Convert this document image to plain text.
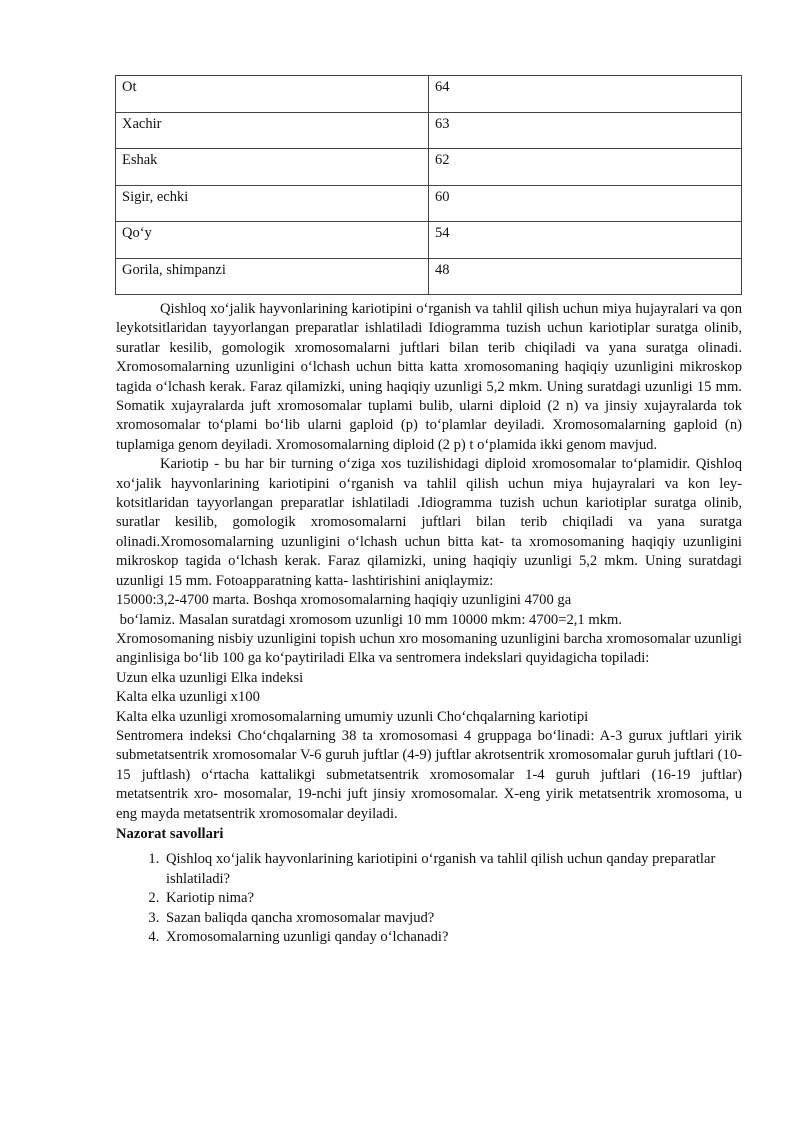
Ot	64
Xachir	63
Eshak	62
Sigir, echki	60
Qo‘y	54
Gorila, shimpanzi	48

Qishloq xo‘jalik hayvonlarining kariotipini o‘rganish va tahlil qilish uchun miya hujayralari va qon leykotsitlaridan tayyorlangan preparatlar ishlatiladi Idiogramma tuzish uchun kariotiplar suratga olinib, suratlar kesilib, gomologik xromosomalarni juftlari bilan terib chiqiladi va yana suratga olinadi. Xromosomalarning uzunligini o‘lchash uchun bitta katta xromosomaning haqiqiy uzunligini mikroskop tagida o‘lchash kerak. Faraz qilamizki, uning haqiqiy uzunligi 5,2 mkm. Uning suratdagi uzunligi 15 mm. Somatik xujayralarda juft xromosomalar tuplami bulib, ularni diploid (2 n) va jinsiy xujayralarda tok xromosomalar to‘plami bo‘lib ularni gaploid (p) to‘plamlar deyiladi. Xromosomalarning gaploid (n) tuplamiga genom deyiladi. Xromosomalarning diploid (2 p) t o‘plamida ikki genom mavjud.

Kariotip - bu har bir turning o‘ziga xos tuzilishidagi diploid xromosomalar to‘plamidir. Qishloq xo‘jalik hayvonlarining kariotipini o‘rganish va tahlil qilish uchun miya hujayralari va kon ley- kotsitlaridan tayyorlangan preparatlar ishlatiladi .Idiogramma tuzish uchun kariotiplar suratga olinib, suratlar kesilib, gomologik xromosomalarni juftlari bilan terib chiqiladi va yana suratga olinadi.Xromosomalarning uzunligini o‘lchash uchun bitta kat- ta xromosomaning haqiqiy uzunligini mikroskop tagida o‘lchash kerak. Faraz qilamizki, uning haqiqiy uzunligi 5,2 mkm. Uning suratdagi uzunligi 15 mm. Fotoapparatning katta- lashtirishini aniqlaymiz:

15000:3,2-4700 marta. Boshqa xromosomalarning haqiqiy uzunligini 4700 ga

bo‘lamiz. Masalan suratdagi xromosom uzunligi 10 mm 10000 mkm: 4700=2,1 mkm.

Xromosomaning nisbiy uzunligini topish uchun xro mosomaning uzunligini barcha xromosomalar uzunligi anginlisiga bo‘lib 100 ga ko‘paytiriladi Elka va sentromera indekslari quyidagicha topiladi:

Uzun elka uzunligi Elka indeksi

Kalta elka uzunligi x100

Kalta elka uzunligi xromosomalarning umumiy uzunli Cho‘chqalarning kariotipi

Sentromera indeksi Cho‘chqalarning 38 ta xromosomasi 4 gruppaga bo‘linadi: A-3 gurux juftlari yirik submetatsentrik xromosomalar V-6 guruh juftlar (4-9) juftlar akrotsentrik xromosomalar guruh juftlari (10-15 juftlash) o‘rtacha kattalikgi submetatsentrik xromosomalar 1-4 guruh juftlari (16-19 juftlar) metatsentrik xro- mosomalar, 19-nchi juft jinsiy xromosomalar. X-eng yirik metatsentrik xromosoma, u eng mayda metatsentrik xromosomalar deyiladi.

Nazorat savollari

1. Qishloq xo‘jalik hayvonlarining kariotipini o‘rganish va tahlil qilish uchun qanday preparatlar ishlatiladi?
2. Kariotip nima?
3. Sazan baliqda qancha xromosomalar mavjud?
4. Xromosomalarning uzunligi qanday o‘lchanadi?
